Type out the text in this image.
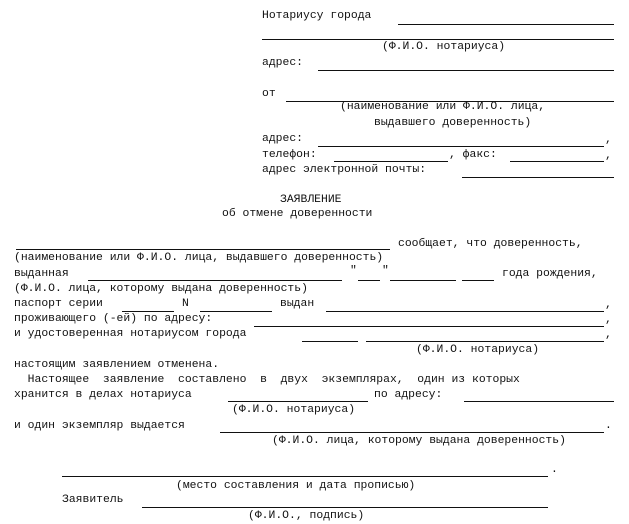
Нотариусу города
(Ф.И.О. нотариуса)
адрес:
от
(наименование или Ф.И.О. лица,
выдавшего доверенность)
адрес:	,
телефон:	, факс:	,
адрес электронной почты:
ЗАЯВЛЕНИЕ
об отмене доверенности
сообщает, что доверенность,
(наименование или Ф.И.О. лица, выдавшего доверенность)
выданная	" "	года рождения,
(Ф.И.О. лица, которому выдана доверенность)
паспорт серии	N	выдан	,
проживающего (-ей) по адресу:	,
и удостоверенная нотариусом города	,
(Ф.И.О. нотариуса)
настоящим заявлением отменена.
Настоящее  заявление  составлено  в  двух  экземплярах,  один из которых
хранится в делах нотариуса	по адресу:
(Ф.И.О. нотариуса)
и один экземпляр выдается	.
(Ф.И.О. лица, которому выдана доверенность)
.
(место составления и дата прописью)
Заявитель
(Ф.И.О., подпись)
